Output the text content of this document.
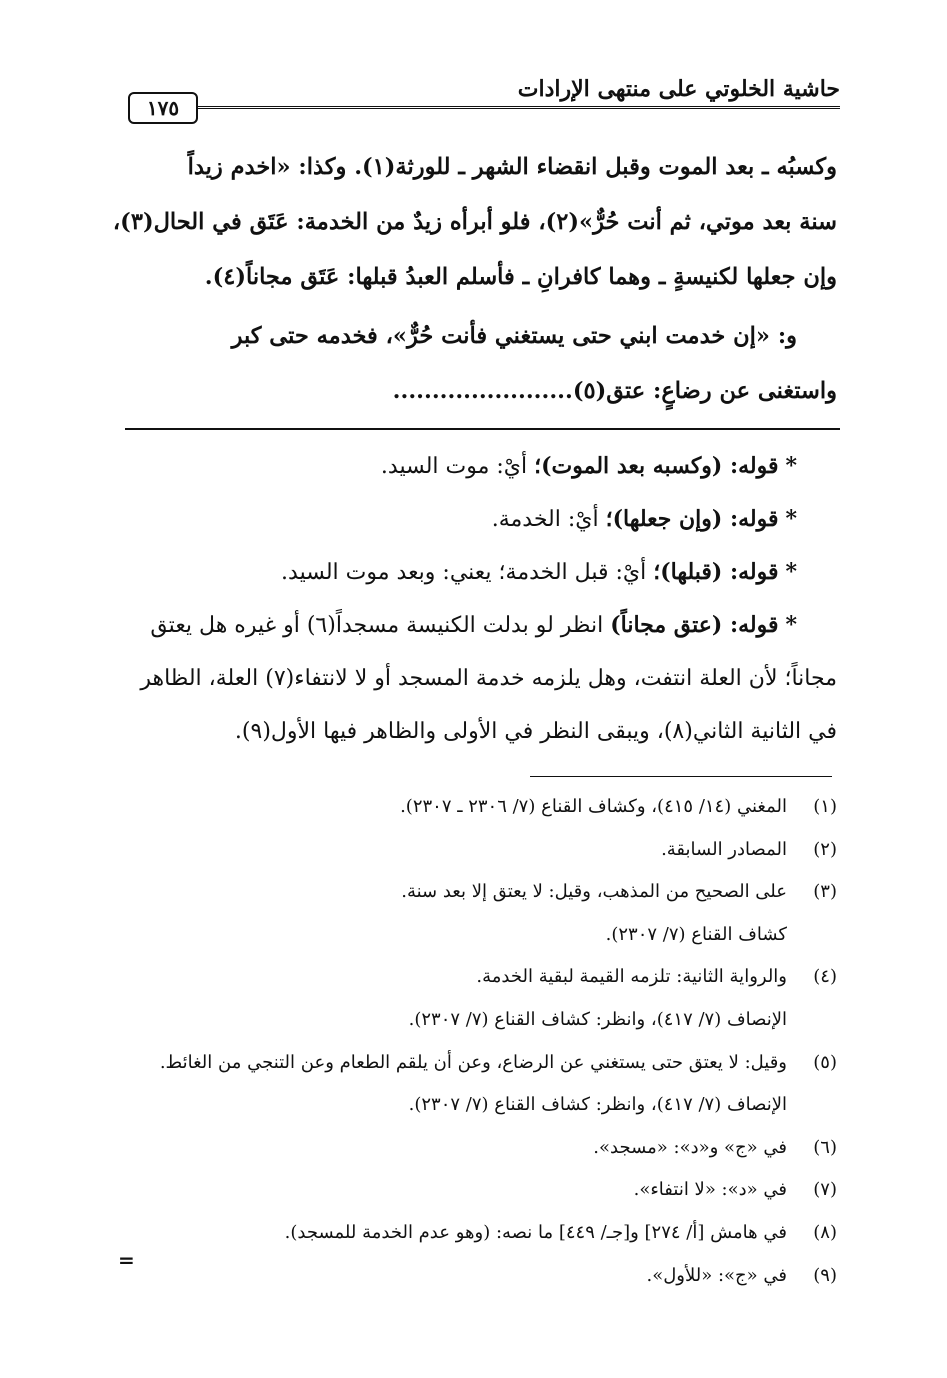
حاشية الخلوتي على منتهى الإرادات
١٧٥

وكسبُه ـ بعد الموت وقبل انقضاء الشهر ـ للورثة(١). وكذا: «اخدم زيداً

سنة بعد موتي، ثم أنت حُرٌّ»(٢)، فلو أبرأه زيدٌ من الخدمة: عَتَق في الحال(٣)،

وإن جعلها لكنيسةٍ ـ وهما كافرانِ ـ فأسلم العبدُ قبلها: عَتَق مجاناً(٤).

و: «إن خدمت ابني حتى يستغني فأنت حُرٌّ»، فخدمه حتى كبر

واستغنى عن رضاعٍ: عتق(٥).......................

* قوله: (وكسبه بعد الموت)؛ أيْ: موت السيد.

* قوله: (وإن جعلها)؛ أيْ: الخدمة.

* قوله: (قبلها)؛ أيْ: قبل الخدمة؛ يعني: وبعد موت السيد.

* قوله: (عتق مجاناً) انظر لو بدلت الكنيسة مسجداً(٦) أو غيره هل يعتق

مجاناً؛ لأن العلة انتفت، وهل يلزمه خدمة المسجد أو لا لانتفاء(٧) العلة، الظاهر

في الثانية الثاني(٨)، ويبقى النظر في الأولى والظاهر فيها الأول(٩).

(١)
المغني (١٤/ ٤١٥)، وكشاف القناع (٧/ ٢٣٠٦ ـ ٢٣٠٧).
(٢)
المصادر السابقة.
(٣)
على الصحيح من المذهب، وقيل: لا يعتق إلا بعد سنة.
كشاف القناع (٧/ ٢٣٠٧).
(٤)
والرواية الثانية: تلزمه القيمة لبقية الخدمة.
الإنصاف (٧/ ٤١٧)، وانظر: كشاف القناع (٧/ ٢٣٠٧).
(٥)
وقيل: لا يعتق حتى يستغني عن الرضاع، وعن أن يلقم الطعام وعن التنجي من الغائط.
الإنصاف (٧/ ٤١٧)، وانظر: كشاف القناع (٧/ ٢٣٠٧).
(٦)
في «ج» و«د»: «مسجد».
(٧)
في «د»: «لا انتفاء».
(٨)
في هامش [أ/ ٢٧٤] و[جـ/ ٤٤٩] ما نصه: (وهو عدم الخدمة للمسجد).
(٩)
في «ج»: «للأول».
=
